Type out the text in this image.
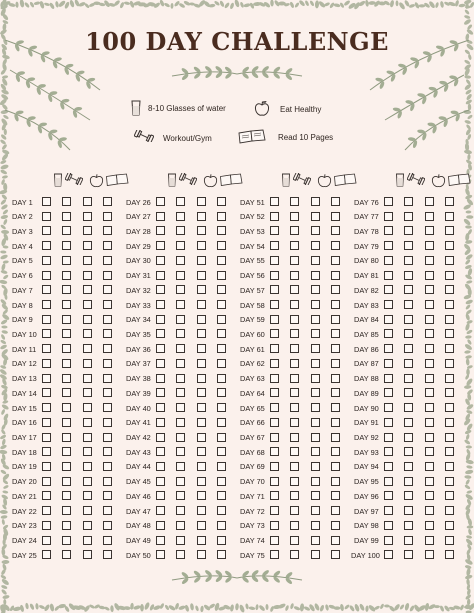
100 DAY CHALLENGE
8-10 Glasses of water	Eat Healthy
Workout/Gym	Read 10 Pages
DAY 1
DAY 2
DAY 3
DAY 4
DAY 5
DAY 6
DAY 7
DAY 8
DAY 9
DAY 10
DAY 11
DAY 12
DAY 13
DAY 14
DAY 15
DAY 16
DAY 17
DAY 18
DAY 19
DAY 20
DAY 21
DAY 22
DAY 23
DAY 24
DAY 25
DAY 26
DAY 27
DAY 28
DAY 29
DAY 30
DAY 31
DAY 32
DAY 33
DAY 34
DAY 35
DAY 36
DAY 37
DAY 38
DAY 39
DAY 40
DAY 41
DAY 42
DAY 43
DAY 44
DAY 45
DAY 46
DAY 47
DAY 48
DAY 49
DAY 50
DAY 51
DAY 52
DAY 53
DAY 54
DAY 55
DAY 56
DAY 57
DAY 58
DAY 59
DAY 60
DAY 61
DAY 62
DAY 63
DAY 64
DAY 65
DAY 66
DAY 67
DAY 68
DAY 69
DAY 70
DAY 71
DAY 72
DAY 73
DAY 74
DAY 75
DAY 76
DAY 77
DAY 78
DAY 79
DAY 80
DAY 81
DAY 82
DAY 83
DAY 84
DAY 85
DAY 86
DAY 87
DAY 88
DAY 89
DAY 90
DAY 91
DAY 92
DAY 93
DAY 94
DAY 95
DAY 96
DAY 97
DAY 98
DAY 99
DAY 100
